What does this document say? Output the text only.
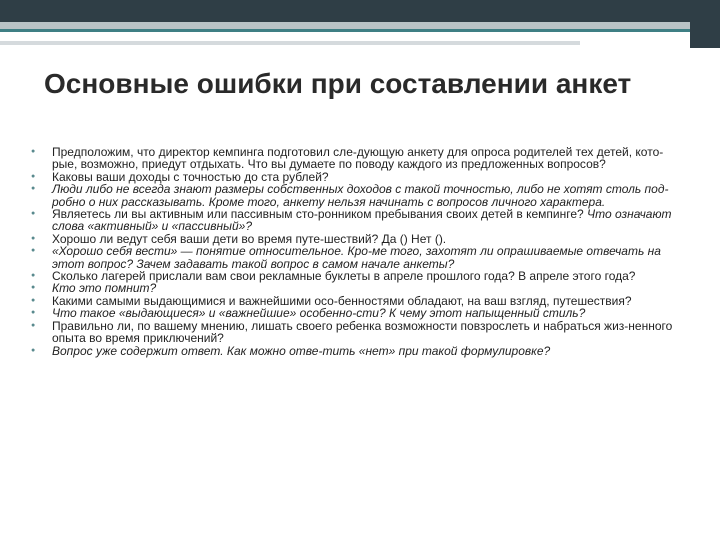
Основные ошибки при составлении анкет
● Предположим, что директор кемпинга подготовил сле-дующую анкету для опроса родителей тех детей, кото-рые, возможно, приедут отдыхать. Что вы думаете по поводу каждого из предложенных вопросов?
● Каковы ваши доходы с точностью до ста рублей?
● Люди либо не всегда знают размеры собственных доходов с такой точностью, либо не хотят столь под-робно о них рассказывать. Кроме того, анкету нельзя начинать с вопросов личного характера.
● Являетесь ли вы активным или пассивным сто-ронником пребывания своих детей в кемпинге? Что означают слова «активный» и «пассивный»?
● Хорошо ли ведут себя ваши дети во время путе-шествий? Да () Нет ().
● «Хорошо себя вести» — понятие относительное. Кро-ме того, захотят ли опрашиваемые отвечать на этот вопрос? Зачем задавать такой вопрос в самом начале анкеты?
● Сколько лагерей прислали вам свои рекламные буклеты в апреле прошлого года? В апреле этого года?
● Кто это помнит?
● Какими самыми выдающимися и важнейшими осо-бенностями обладают, на ваш взгляд, путешествия?
● Что такое «выдающиеся» и «важнейшие» особенно-сти? К чему этот напыщенный стиль?
● Правильно ли, по вашему мнению, лишать своего ребенка возможности повзрослеть и набраться жиз-ненного опыта во время приключений?
● Вопрос уже содержит ответ. Как можно отве-тить «нет» при такой формулировке?
